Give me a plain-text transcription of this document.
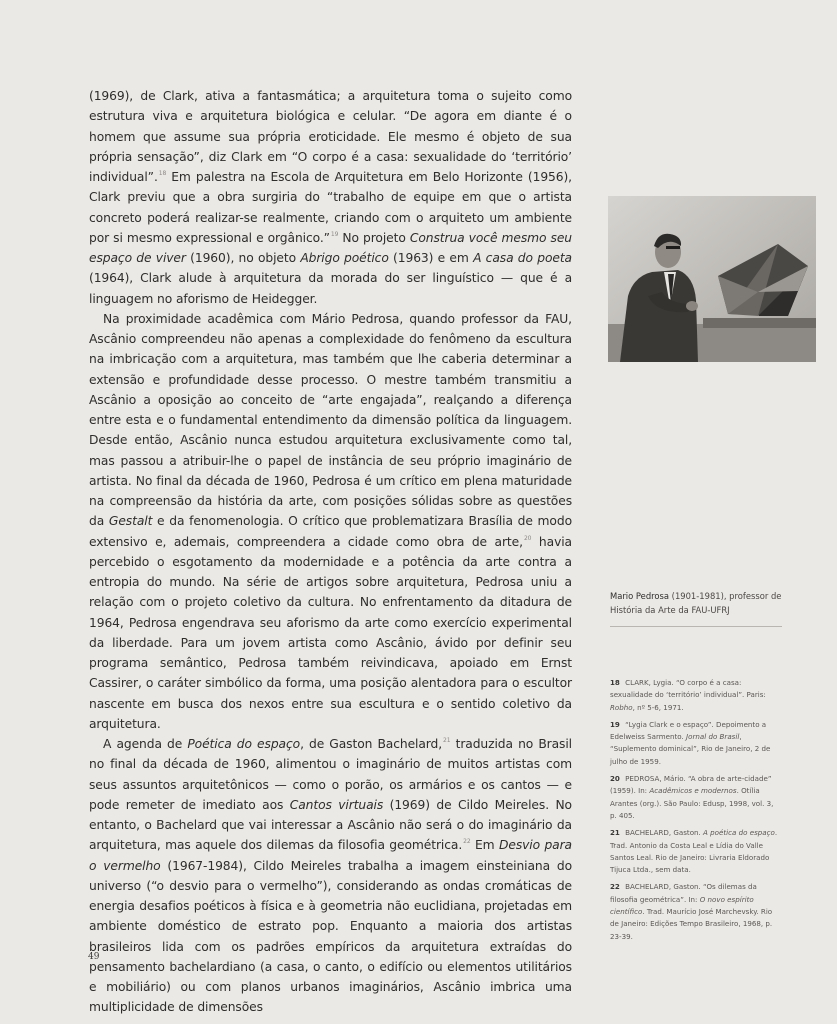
(1969), de Clark, ativa a fantasmática; a arquitetura toma o sujeito como estrutura viva e arquitetura biológica e celular. “De agora em diante é o homem que assume sua própria eroticidade. Ele mesmo é objeto de sua própria sensação”, diz Clark em “O corpo é a casa: sexualidade do ‘território’ individual”.$^{18}$ Em palestra na Escola de Arquitetura em Belo Horizonte (1956), Clark previu que a obra surgiria do “trabalho de equipe em que o artista concreto poderá realizar-se realmente, criando com o arquiteto um ambiente por si mesmo expressional e orgânico.”$^{19}$ No projeto Construa você mesmo seu espaço de viver (1960), no objeto Abrigo poético (1963) e em A casa do poeta (1964), Clark alude à arquitetura da morada do ser linguístico — que é a linguagem no aforismo de Heidegger.

Na proximidade acadêmica com Mário Pedrosa, quando professor da FAU, Ascânio compreendeu não apenas a complexidade do fenômeno da escultura na imbricação com a arquitetura, mas também que lhe caberia determinar a extensão e profundidade desse processo. O mestre também transmitiu a Ascânio a oposição ao conceito de “arte engajada”, realçando a diferença entre esta e o fundamental entendimento da dimensão política da linguagem. Desde então, Ascânio nunca estudou arquitetura exclusivamente como tal, mas passou a atribuir-lhe o papel de instância de seu próprio imaginário de artista. No final da década de 1960, Pedrosa é um crítico em plena maturidade na compreensão da história da arte, com posições sólidas sobre as questões da Gestalt e da fenomenologia. O crítico que problematizara Brasília de modo extensivo e, ademais, compreendera a cidade como obra de arte,$^{20}$ havia percebido o esgotamento da modernidade e a potência da arte contra a entropia do mundo. Na série de artigos sobre arquitetura, Pedrosa uniu a relação com o projeto coletivo da cultura. No enfrentamento da ditadura de 1964, Pedrosa engendrava seu aforismo da arte como exercício experimental da liberdade. Para um jovem artista como Ascânio, ávido por definir seu programa semântico, Pedrosa também reivindicava, apoiado em Ernst Cassirer, o caráter simbólico da forma, uma posição alentadora para o escultor nascente em busca dos nexos entre sua escultura e o sentido coletivo da arquitetura.

A agenda de Poética do espaço, de Gaston Bachelard,$^{21}$ traduzida no Brasil no final da década de 1960, alimentou o imaginário de muitos artistas com seus assuntos arquitetônicos — como o porão, os armários e os cantos — e pode remeter de imediato aos Cantos virtuais (1969) de Cildo Meireles. No entanto, o Bachelard que vai interessar a Ascânio não será o do imaginário da arquitetura, mas aquele dos dilemas da filosofia geométrica.$^{22}$ Em Desvio para o vermelho (1967-1984), Cildo Meireles trabalha a imagem einsteiniana do universo (“o desvio para o vermelho”), considerando as ondas cromáticas de energia desafios poéticos à física e à geometria não euclidiana, projetadas em ambiente doméstico de estrato pop. Enquanto a maioria dos artistas brasileiros lida com os padrões empíricos da arquitetura extraídas do pensamento bachelardiano (a casa, o canto, o edifício ou elementos utilitários e mobiliário) ou com planos urbanos imaginários, Ascânio imbrica uma multiplicidade de dimensões

Mario Pedrosa (1901-1981), professor de História da Arte da FAU-UFRJ

18 CLARK, Lygia. “O corpo é a casa: sexualidade do ‘território’ individual”. Paris: Robho, nº 5-6, 1971.

19 “Lygia Clark e o espaço”. Depoimento a Edelweiss Sarmento. Jornal do Brasil, “Suplemento dominical”, Rio de Janeiro, 2 de julho de 1959.

20 PEDROSA, Mário. “A obra de arte-cidade” (1959). In: Acadêmicos e modernos. Otília Arantes (org.). São Paulo: Edusp, 1998, vol. 3, p. 405.

21 BACHELARD, Gaston. A poética do espaço. Trad. Antonio da Costa Leal e Lídia do Valle Santos Leal. Rio de Janeiro: Livraria Eldorado Tijuca Ltda., sem data.

22 BACHELARD, Gaston. “Os dilemas da filosofia geométrica”. In: O novo espírito científico. Trad. Maurício José Marchevsky. Rio de Janeiro: Edições Tempo Brasileiro, 1968, p. 23-39.

49
